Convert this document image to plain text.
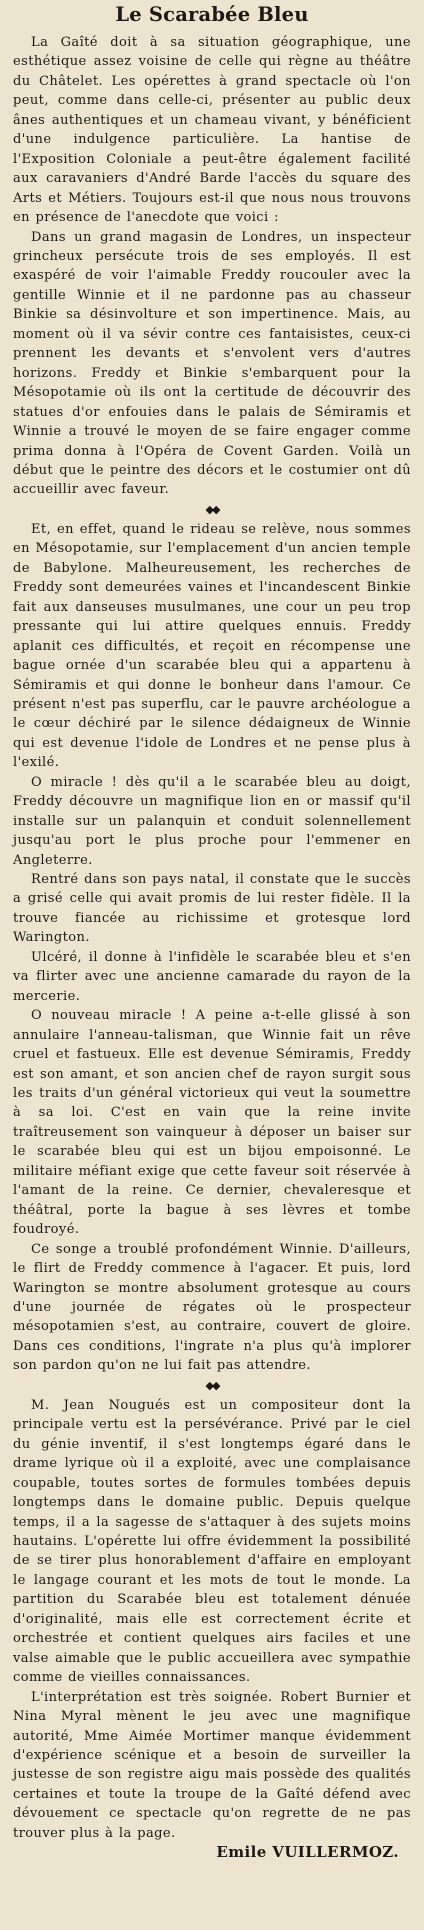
Le Scarabée Bleu

La Gaîté doit à sa situation géographique, une esthétique assez voisine de celle qui règne au théâtre du Châtelet. Les opérettes à grand spectacle où l'on peut, comme dans celle-ci, présenter au public deux ânes authentiques et un chameau vivant, y bénéficient d'une indulgence particulière. La hantise de l'Exposition Coloniale a peut-être également facilité aux caravaniers d'André Barde l'accès du square des Arts et Métiers. Toujours est-il que nous nous trouvons en présence de l'anecdote que voici :

Dans un grand magasin de Londres, un inspecteur grincheux persécute trois de ses employés. Il est exaspéré de voir l'aimable Freddy roucouler avec la gentille Winnie et il ne pardonne pas au chasseur Binkie sa désinvolture et son impertinence. Mais, au moment où il va sévir contre ces fantaisistes, ceux-ci prennent les devants et s'envolent vers d'autres horizons. Freddy et Binkie s'embarquent pour la Mésopotamie où ils ont la certitude de découvrir des statues d'or enfouies dans le palais de Sémiramis et Winnie a trouvé le moyen de se faire engager comme prima donna à l'Opéra de Covent Garden. Voilà un début que le peintre des décors et le costumier ont dû accueillir avec faveur.

◆◆

Et, en effet, quand le rideau se relève, nous sommes en Mésopotamie, sur l'emplacement d'un ancien temple de Babylone. Malheureusement, les recherches de Freddy sont demeurées vaines et l'incandescent Binkie fait aux danseuses musulmanes, une cour un peu trop pressante qui lui attire quelques ennuis. Freddy aplanit ces difficultés, et reçoit en récompense une bague ornée d'un scarabée bleu qui a appartenu à Sémiramis et qui donne le bonheur dans l'amour. Ce présent n'est pas superflu, car le pauvre archéologue a le cœur déchiré par le silence dédaigneux de Winnie qui est devenue l'idole de Londres et ne pense plus à l'exilé.

O miracle ! dès qu'il a le scarabée bleu au doigt, Freddy découvre un magnifique lion en or massif qu'il installe sur un palanquin et conduit solennellement jusqu'au port le plus proche pour l'emmener en Angleterre.

Rentré dans son pays natal, il constate que le succès a grisé celle qui avait promis de lui rester fidèle. Il la trouve fiancée au richissime et grotesque lord Warington.

Ulcéré, il donne à l'infidèle le scarabée bleu et s'en va flirter avec une ancienne camarade du rayon de la mercerie.

O nouveau miracle ! A peine a-t-elle glissé à son annulaire l'anneau-talisman, que Winnie fait un rêve cruel et fastueux. Elle est devenue Sémiramis, Freddy est son amant, et son ancien chef de rayon surgit sous les traits d'un général victorieux qui veut la soumettre à sa loi. C'est en vain que la reine invite traîtreusement son vainqueur à déposer un baiser sur le scarabée bleu qui est un bijou empoisonné. Le militaire méfiant exige que cette faveur soit réservée à l'amant de la reine. Ce dernier, chevaleresque et théâtral, porte la bague à ses lèvres et tombe foudroyé.

Ce songe a troublé profondément Winnie. D'ailleurs, le flirt de Freddy commence à l'agacer. Et puis, lord Warington se montre absolument grotesque au cours d'une journée de régates où le prospecteur mésopotamien s'est, au contraire, couvert de gloire. Dans ces conditions, l'ingrate n'a plus qu'à implorer son pardon qu'on ne lui fait pas attendre.

◆◆

M. Jean Nougués est un compositeur dont la principale vertu est la persévérance. Privé par le ciel du génie inventif, il s'est longtemps égaré dans le drame lyrique où il a exploité, avec une complaisance coupable, toutes sortes de formules tombées depuis longtemps dans le domaine public. Depuis quelque temps, il a la sagesse de s'attaquer à des sujets moins hautains. L'opérette lui offre évidemment la possibilité de se tirer plus honorablement d'affaire en employant le langage courant et les mots de tout le monde. La partition du Scarabée bleu est totalement dénuée d'originalité, mais elle est correctement écrite et orchestrée et contient quelques airs faciles et une valse aimable que le public accueillera avec sympathie comme de vieilles connaissances.

L'interprétation est très soignée. Robert Burnier et Nina Myral mènent le jeu avec une magnifique autorité, Mme Aimée Mortimer manque évidemment d'expérience scénique et a besoin de surveiller la justesse de son registre aigu mais possède des qualités certaines et toute la troupe de la Gaîté défend avec dévouement ce spectacle qu'on regrette de ne pas trouver plus à la page.

Emile VUILLERMOZ.
